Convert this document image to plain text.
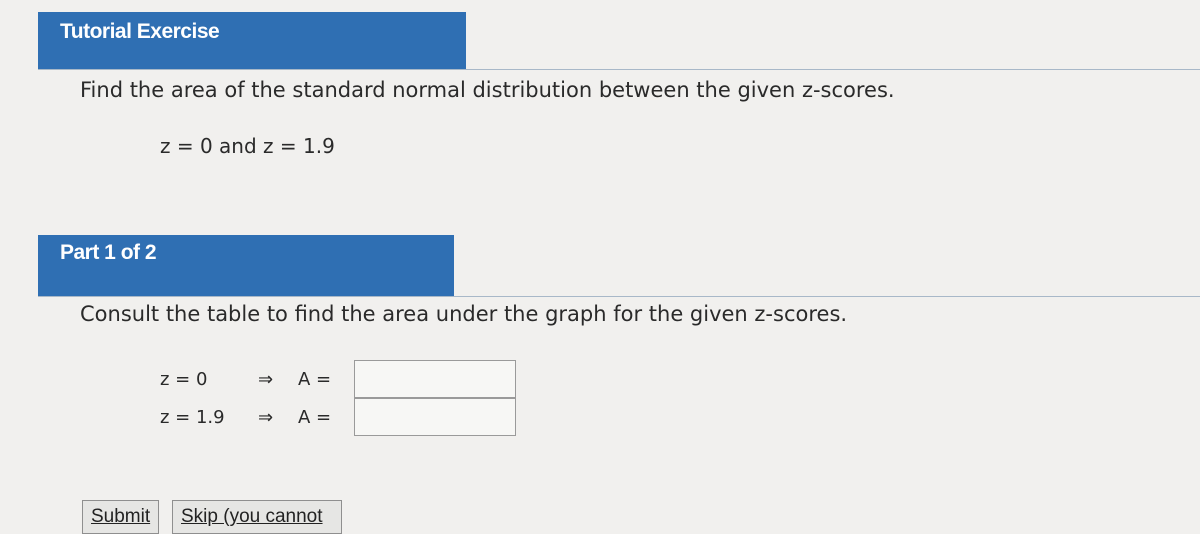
Tutorial Exercise
Find the area of the standard normal distribution between the given z-scores.
z = 0 and z = 1.9
Part 1 of 2
Consult the table to find the area under the graph for the given z-scores.
z = 0	⇒	A =
z = 1.9	⇒	A =
Submit	Skip (you cannot
